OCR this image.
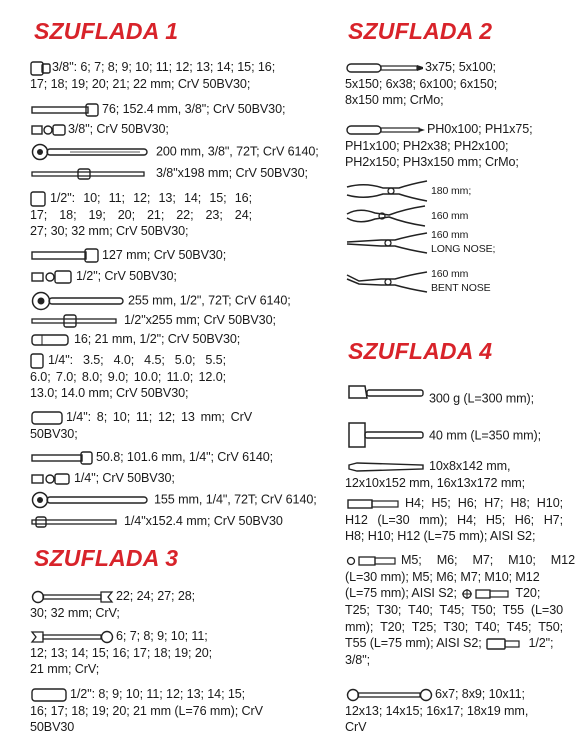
SZUFLADA 1
3/8": 6; 7; 8; 9; 10; 11; 12; 13; 14; 15; 16;
17; 18; 19; 20; 21; 22 mm; CrV 50BV30;
76; 152.4 mm, 3/8"; CrV 50BV30;
3/8"; CrV 50BV30;
200 mm, 3/8", 72T; CrV 6140;
3/8"x198 mm; CrV 50BV30;
1/2": 10; 11; 12; 13; 14; 15; 16;
17; 18; 19; 20; 21; 22; 23; 24;
27; 30; 32 mm; CrV 50BV30;
127 mm; CrV 50BV30;
1/2"; CrV 50BV30;
255 mm, 1/2", 72T; CrV 6140;
1/2"x255 mm; CrV 50BV30;
16; 21 mm, 1/2"; CrV 50BV30;
1/4": 3.5; 4.0; 4.5; 5.0; 5.5;
6.0; 7.0; 8.0; 9.0; 10.0; 11.0; 12.0;
13.0; 14.0 mm; CrV 50BV30;
1/4": 8; 10; 11; 12; 13 mm; CrV
50BV30;
50.8; 101.6 mm, 1/4"; CrV 6140;
1/4"; CrV 50BV30;
155 mm, 1/4", 72T; CrV 6140;
1/4"x152.4 mm; CrV 50BV30
SZUFLADA 3
22; 24; 27; 28;
30; 32 mm; CrV;
6; 7; 8; 9; 10; 11;
12; 13; 14; 15; 16; 17; 18; 19; 20;
21 mm; CrV;
1/2": 8; 9; 10; 11; 12; 13; 14; 15;
16; 17; 18; 19; 20; 21 mm (L=76 mm); CrV
50BV30
SZUFLADA 2
3x75; 5x100;
5x150; 6x38; 6x100; 6x150;
8x150 mm; CrMo;
PH0x100; PH1x75;
PH1x100; PH2x38; PH2x100;
PH2x150; PH3x150 mm; CrMo;
180 mm;
160 mm
160 mm
LONG NOSE;
160 mm
BENT NOSE
SZUFLADA 4
300 g (L=300 mm);
40 mm (L=350 mm);
10x8x142 mm,
12x10x152 mm, 16x13x172 mm;
H4; H5; H6; H7; H8; H10;
H12 (L=30 mm); H4; H5; H6; H7;
H8; H10; H12 (L=75 mm); AISI S2;
M5; M6; M7; M10; M12
(L=30 mm); M5; M6; M7; M10; M12
(L=75 mm); AISI S2;	T20;
T25; T30; T40; T45; T50; T55 (L=30
mm); T20; T25; T30; T40; T45; T50;
T55 (L=75 mm); AISI S2;	1/2";
3/8";
6x7; 8x9; 10x11;
12x13; 14x15; 16x17; 18x19 mm,
CrV
